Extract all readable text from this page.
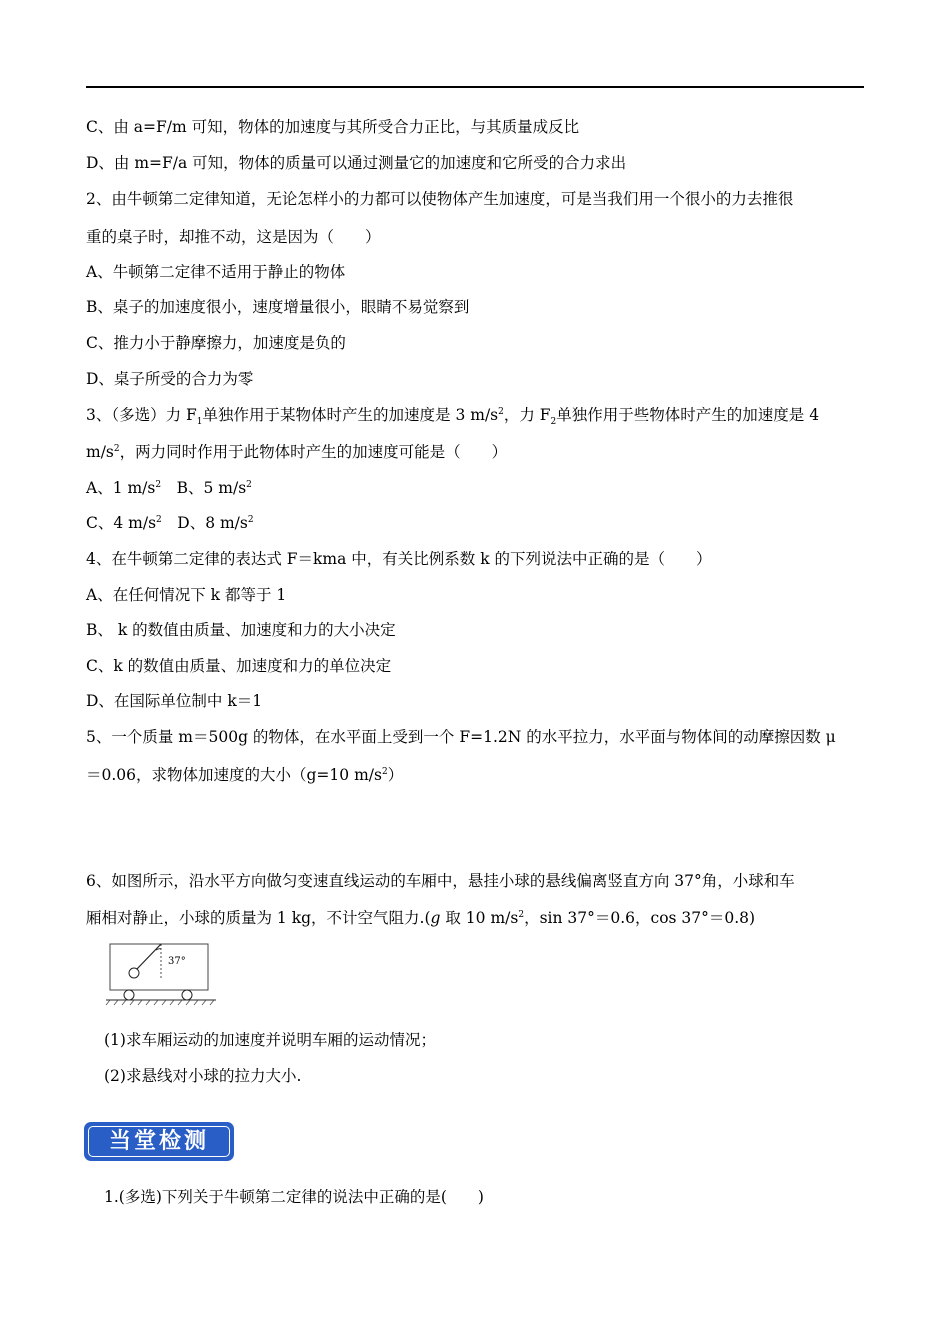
C、由 a=F/m 可知，物体的加速度与其所受合力正比，与其质量成反比
D、由 m=F/a 可知，物体的质量可以通过测量它的加速度和它所受的合力求出
2、由牛顿第二定律知道，无论怎样小的力都可以使物体产生加速度，可是当我们用一个很小的力去推很
重的桌子时，却推不动，这是因为（　　）
A、牛顿第二定律不适用于静止的物体
B、桌子的加速度很小，速度增量很小，眼睛不易觉察到
C、推力小于静摩擦力，加速度是负的
D、桌子所受的合力为零
3、（多选）力 $F_1$单独作用于某物体时产生的加速度是 3 $m/s^2$，力 $F_2$单独作用于些物体时产生的加速度是 4
$m/s^2$，两力同时作用于此物体时产生的加速度可能是（　　）
A、1 $m/s^2$　B、5 $m/s^2$
C、4 $m/s^2$　D、8 $m/s^2$
4、在牛顿第二定律的表达式 F＝kma 中，有关比例系数 k 的下列说法中正确的是（　　）
A、在任何情况下 k 都等于 1
B、 k 的数值由质量、加速度和力的大小决定
C、k 的数值由质量、加速度和力的单位决定
D、在国际单位制中 k＝1
5、一个质量 m＝500g 的物体，在水平面上受到一个 F=1.2N 的水平拉力，水平面与物体间的动摩擦因数 μ
＝0.06，求物体加速度的大小（g=10 $m/s^2$）
6、如图所示，沿水平方向做匀变速直线运动的车厢中，悬挂小球的悬线偏离竖直方向 37°角，小球和车
厢相对静止，小球的质量为 1 kg，不计空气阻力.(g 取 10 $m/s^2$，sin 37°＝0.6，cos 37°＝0.8)
37°
(1)求车厢运动的加速度并说明车厢的运动情况；
(2)求悬线对小球的拉力大小.
当堂检测
1.(多选)下列关于牛顿第二定律的说法中正确的是(　　)
